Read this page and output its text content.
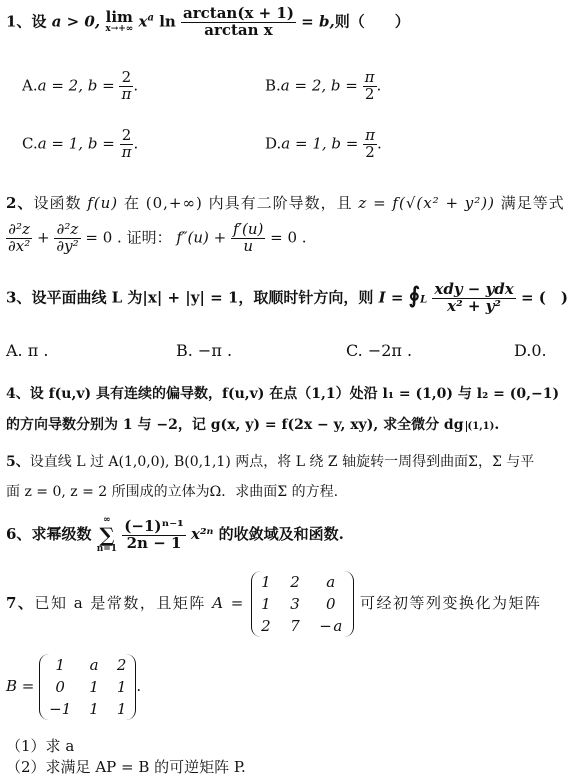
1、设 a > 0, lim
x→+∞ $x^a$ $\ln \frac{\arctan(x + 1)}{\text{arctan x}} = b$,则（　　）
A.a = 2, $b = \frac{2}{\pi}$ .	B.a = 2, $b = \frac{\pi}{2}$ .
C.a = 1, $b = \frac{2}{\pi}$ .	D.a = 1, $b = \frac{\pi}{2}$ .
2、设函数 f(u) 在 (0,+∞) 内具有二阶导数，且 z = f(√(x² + y²)) 满足等式
$\frac{\text{∂²z}}{\text{∂x²}} + \frac{\text{∂²z}}{\text{∂y²}} = 0$ . 证明： $f''(u) + \frac{f'(u)}{u} = 0$ .
3、设平面曲线 L 为|x| + |y| = 1，取顺时针方向，则 I = ∮L $\frac{\text{xdy − ydx}}{\text{x² + y²}}$ = (　)
A. π .	B. −π .	C. −2π .	D.0.
4、设 f(u,v) 具有连续的偏导数，f(u,v) 在点（1,1）处沿 l₁ = (1,0) 与 l₂ = (0,−1)
的方向导数分别为 1 与 −2，记 g(x, y) = f(2x − y, xy), 求全微分 dg (1,1).
5、设直线 L 过 A(1,0,0), B(0,1,1) 两点，将 L 绕 Z 轴旋转一周得到曲面Σ，Σ 与平
面 z = 0, z = 2 所围成的立体为Ω．求曲面Σ 的方程.
6、求幂级数
∞
∑
n=1
$\frac{\text{(−1)ⁿ⁻¹}}{2n - 1} x^{2n}$ 的收敛域及和函数.
7、已知 a 是常数，且矩阵 A = 1	2	a
1	3	0
2	7	−a 可经初等列变换化为矩阵
B = 1	a	2
0	1	1
−1	1	1.
（1）求 a
（2）求满足 AP = B 的可逆矩阵 P.
